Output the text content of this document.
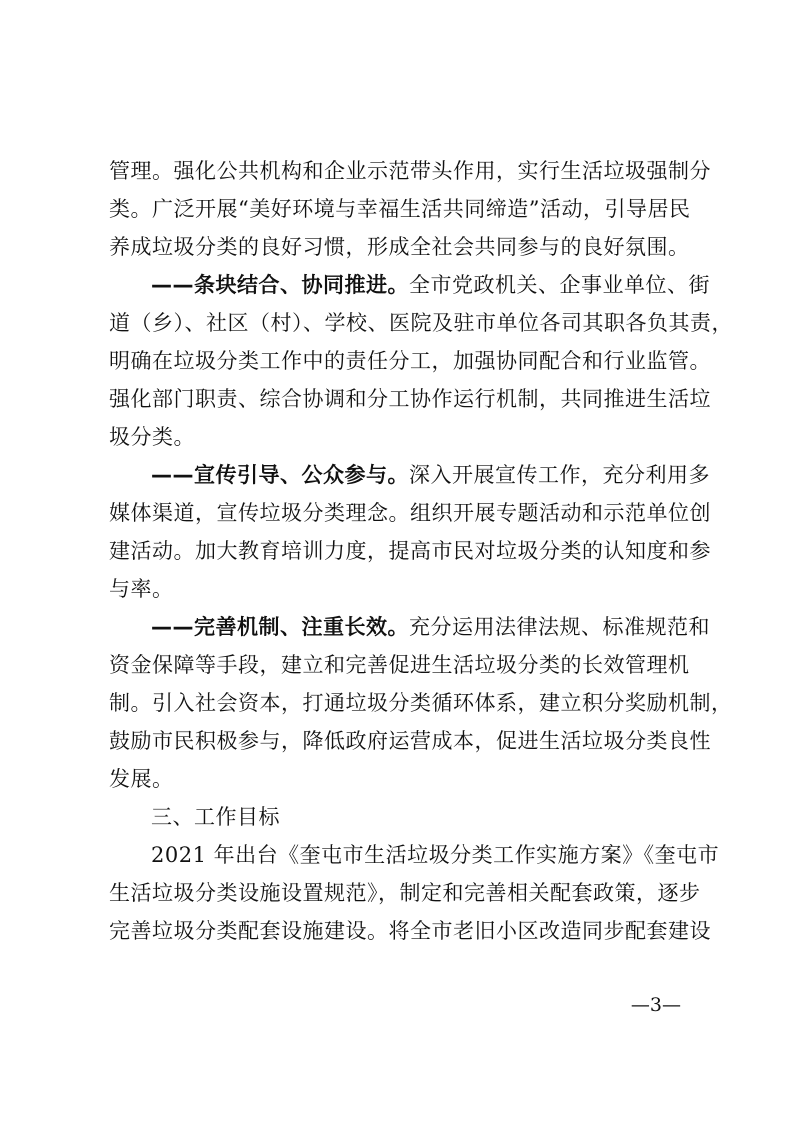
管理。强化公共机构和企业示范带头作用，实行生活垃圾强制分
类。广泛开展“美好环境与幸福生活共同缔造”活动，引导居民
养成垃圾分类的良好习惯，形成全社会共同参与的良好氛围。
——条块结合、协同推进。全市党政机关、企事业单位、街
道（乡）、社区（村）、学校、医院及驻市单位各司其职各负其责，
明确在垃圾分类工作中的责任分工，加强协同配合和行业监管。
强化部门职责、综合协调和分工协作运行机制，共同推进生活垃
圾分类。
——宣传引导、公众参与。深入开展宣传工作，充分利用多
媒体渠道，宣传垃圾分类理念。组织开展专题活动和示范单位创
建活动。加大教育培训力度，提高市民对垃圾分类的认知度和参
与率。
——完善机制、注重长效。充分运用法律法规、标准规范和
资金保障等手段，建立和完善促进生活垃圾分类的长效管理机
制。引入社会资本，打通垃圾分类循环体系，建立积分奖励机制，
鼓励市民积极参与，降低政府运营成本，促进生活垃圾分类良性
发展。
三、工作目标
2021 年出台《奎屯市生活垃圾分类工作实施方案》《奎屯市
生活垃圾分类设施设置规范》，制定和完善相关配套政策，逐步
完善垃圾分类配套设施建设。将全市老旧小区改造同步配套建设
—3—
